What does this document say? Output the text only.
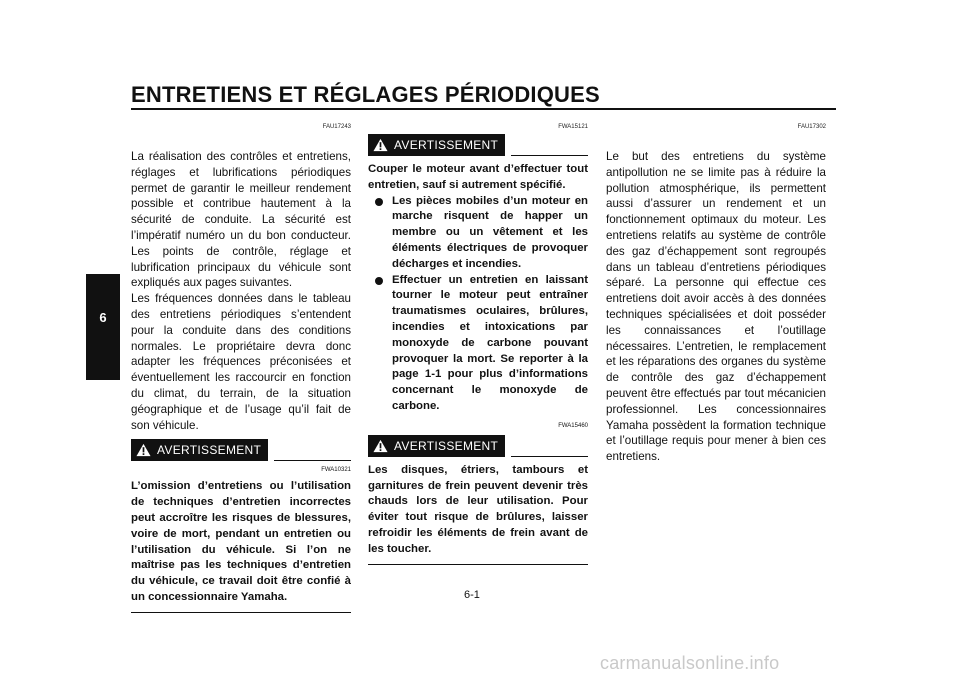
ENTRETIENS ET RÉGLAGES PÉRIODIQUES
6
FAU17243

La réalisation des contrôles et entretiens, réglages et lubrifications périodiques permet de garantir le meilleur rendement possible et contribue hautement à la sécurité de conduite. La sécurité est l’impératif numéro un du bon conducteur. Les points de contrôle, réglage et lubrification principaux du véhicule sont expliqués aux pages suivantes.

Les fréquences données dans le tableau des entretiens périodiques s’entendent pour la conduite dans des conditions normales. Le propriétaire devra donc adapter les fréquences préconisées et éventuellement les raccourcir en fonction du climat, du terrain, de la situation géographique et de l’usage qu’il fait de son véhicule.

AVERTISSEMENT
FWA10321

L’omission d’entretiens ou l’utilisation de techniques d’entretien incorrectes peut accroître les risques de blessures, voire de mort, pendant un entretien ou l’utilisation du véhicule. Si l’on ne maîtrise pas les techniques d’entretien du véhicule, ce travail doit être confié à un concessionnaire Yamaha.

FWA15121
AVERTISSEMENT

Couper le moteur avant d’effectuer tout entretien, sauf si autrement spécifié.

Les pièces mobiles d’un moteur en marche risquent de happer un membre ou un vêtement et les éléments électriques de provoquer décharges et incendies.
Effectuer un entretien en laissant tourner le moteur peut entraîner traumatismes oculaires, brûlures, incendies et intoxications par monoxyde de carbone pouvant provoquer la mort. Se reporter à la page 1-1 pour plus d’informations concernant le monoxyde de carbone.
FWA15460
AVERTISSEMENT

Les disques, étriers, tambours et garnitures de frein peuvent devenir très chauds lors de leur utilisation. Pour éviter tout risque de brûlures, laisser refroidir les éléments de frein avant de les toucher.

FAU17302

Le but des entretiens du système antipollution ne se limite pas à réduire la pollution atmosphérique, ils permettent aussi d’assurer un rendement et un fonctionnement optimaux du moteur. Les entretiens relatifs au système de contrôle des gaz d’échappement sont regroupés dans un tableau d’entretiens périodiques séparé. La personne qui effectue ces entretiens doit avoir accès à des données techniques spécialisées et doit posséder les connaissances et l’outillage nécessaires. L’entretien, le remplacement et les réparations des organes du système de contrôle des gaz d’échappement peuvent être effectués par tout mécanicien professionnel. Les concessionnaires Yamaha possèdent la formation technique et l’outillage requis pour mener à bien ces entretiens.

6-1
carmanualsonline.info
